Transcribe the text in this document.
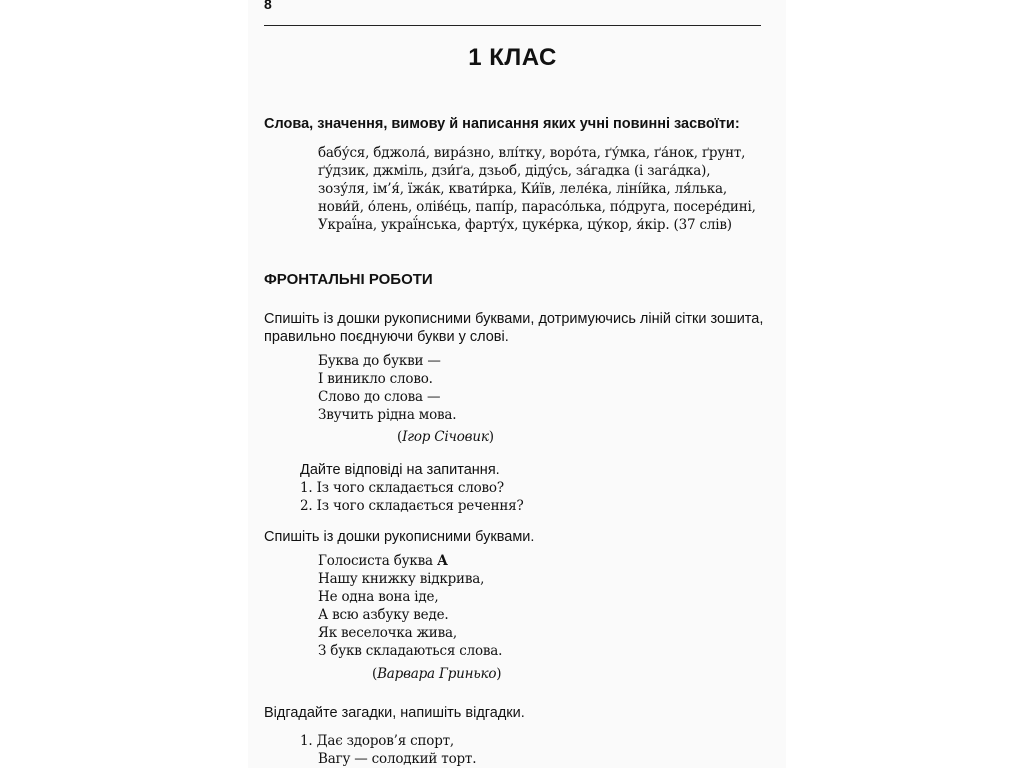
8
1 КЛАС
Слова, значення, вимову й написання яких учні повинні засвоїти:
бабу́ся, бджола́, вира́зно, влі́тку, воро́та, ґу́мка, ґа́нок, ґрунт,
ґу́дзик, джміль, дзи́ґа, дзьоб, діду́сь, за́гадка (і зага́дка),
зозу́ля, ім’я́, їжа́к, квати́рка, Ки́їв, леле́ка, ліні́йка, ля́лька,
нови́й, о́лень, олів́е́ць, папі́р, парасо́лька, по́друга, посере́дині,
Украї́на, украї́нська, фарту́х, цуке́рка, цу́кор, я́кір. (37 слів)
ФРОНТАЛЬНІ РОБОТИ
Спишіть із дошки рукописними буквами, дотримуючись ліній сітки зошита,
правильно поєднуючи букви у слові.
Буква до букви —
І виникло слово.
Слово до слова —
Звучить рідна мова.
(Ігор Січовик)
Дайте відповіді на запитання.
1. Із чого складається слово?
2. Із чого складається речення?
Спишіть із дошки рукописними буквами.
Голосиста буква А
Нашу книжку відкрива,
Не одна вона іде,
А всю азбуку веде.
Як веселочка жива,
З букв складаються слова.
(Варвара Гринько)
Відгадайте загадки, напишіть відгадки.
1. Дає здоров’я спорт,
Вагу — солодкий торт.
